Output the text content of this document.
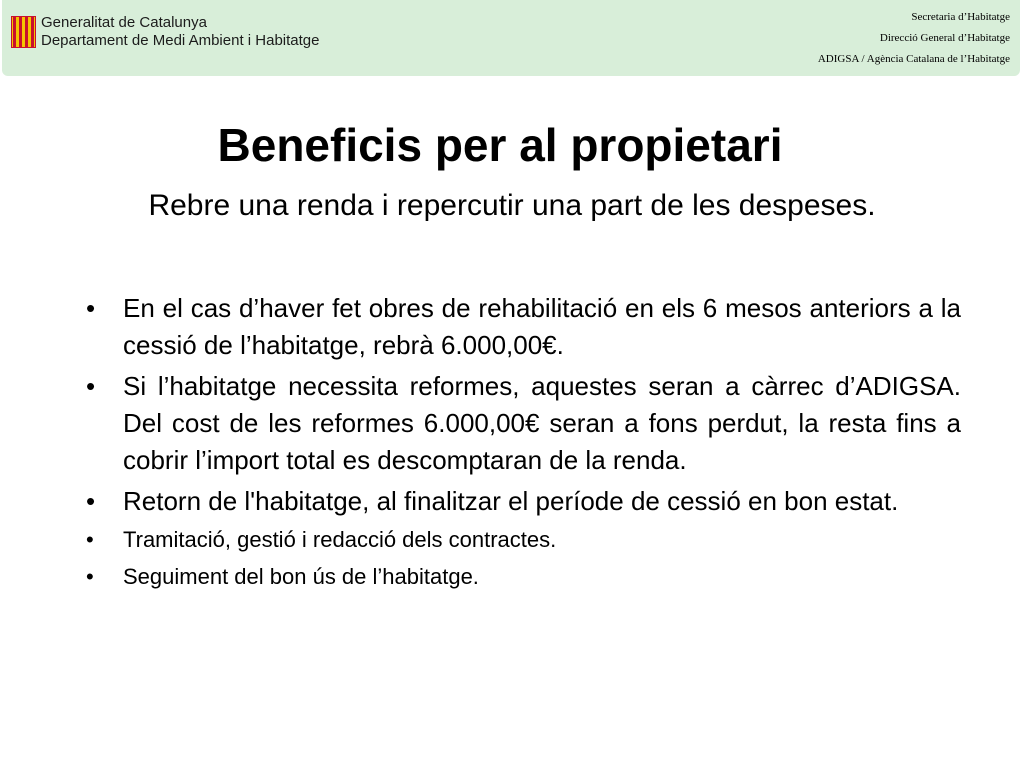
Generalitat de Catalunya
Departament de Medi Ambient i Habitatge
Secretaria d’Habitatge
Direcció General d’Habitatge
ADIGSA / Agència Catalana de l’Habitatge
Beneficis per al propietari

Rebre una renda i repercutir una part de les despeses.

• En el cas d’haver fet obres de rehabilitació en els 6 mesos anteriors a la cessió de l’habitatge, rebrà 6.000,00€.
• Si l’habitatge necessita reformes, aquestes seran a càrrec d’ADIGSA. Del cost de les reformes 6.000,00€ seran a fons perdut, la resta fins a cobrir l’import total es descomptaran de la renda.
• Retorn de l'habitatge, al finalitzar el període de cessió en bon estat.
• Tramitació, gestió i redacció dels contractes.
• Seguiment del bon ús de l’habitatge.
